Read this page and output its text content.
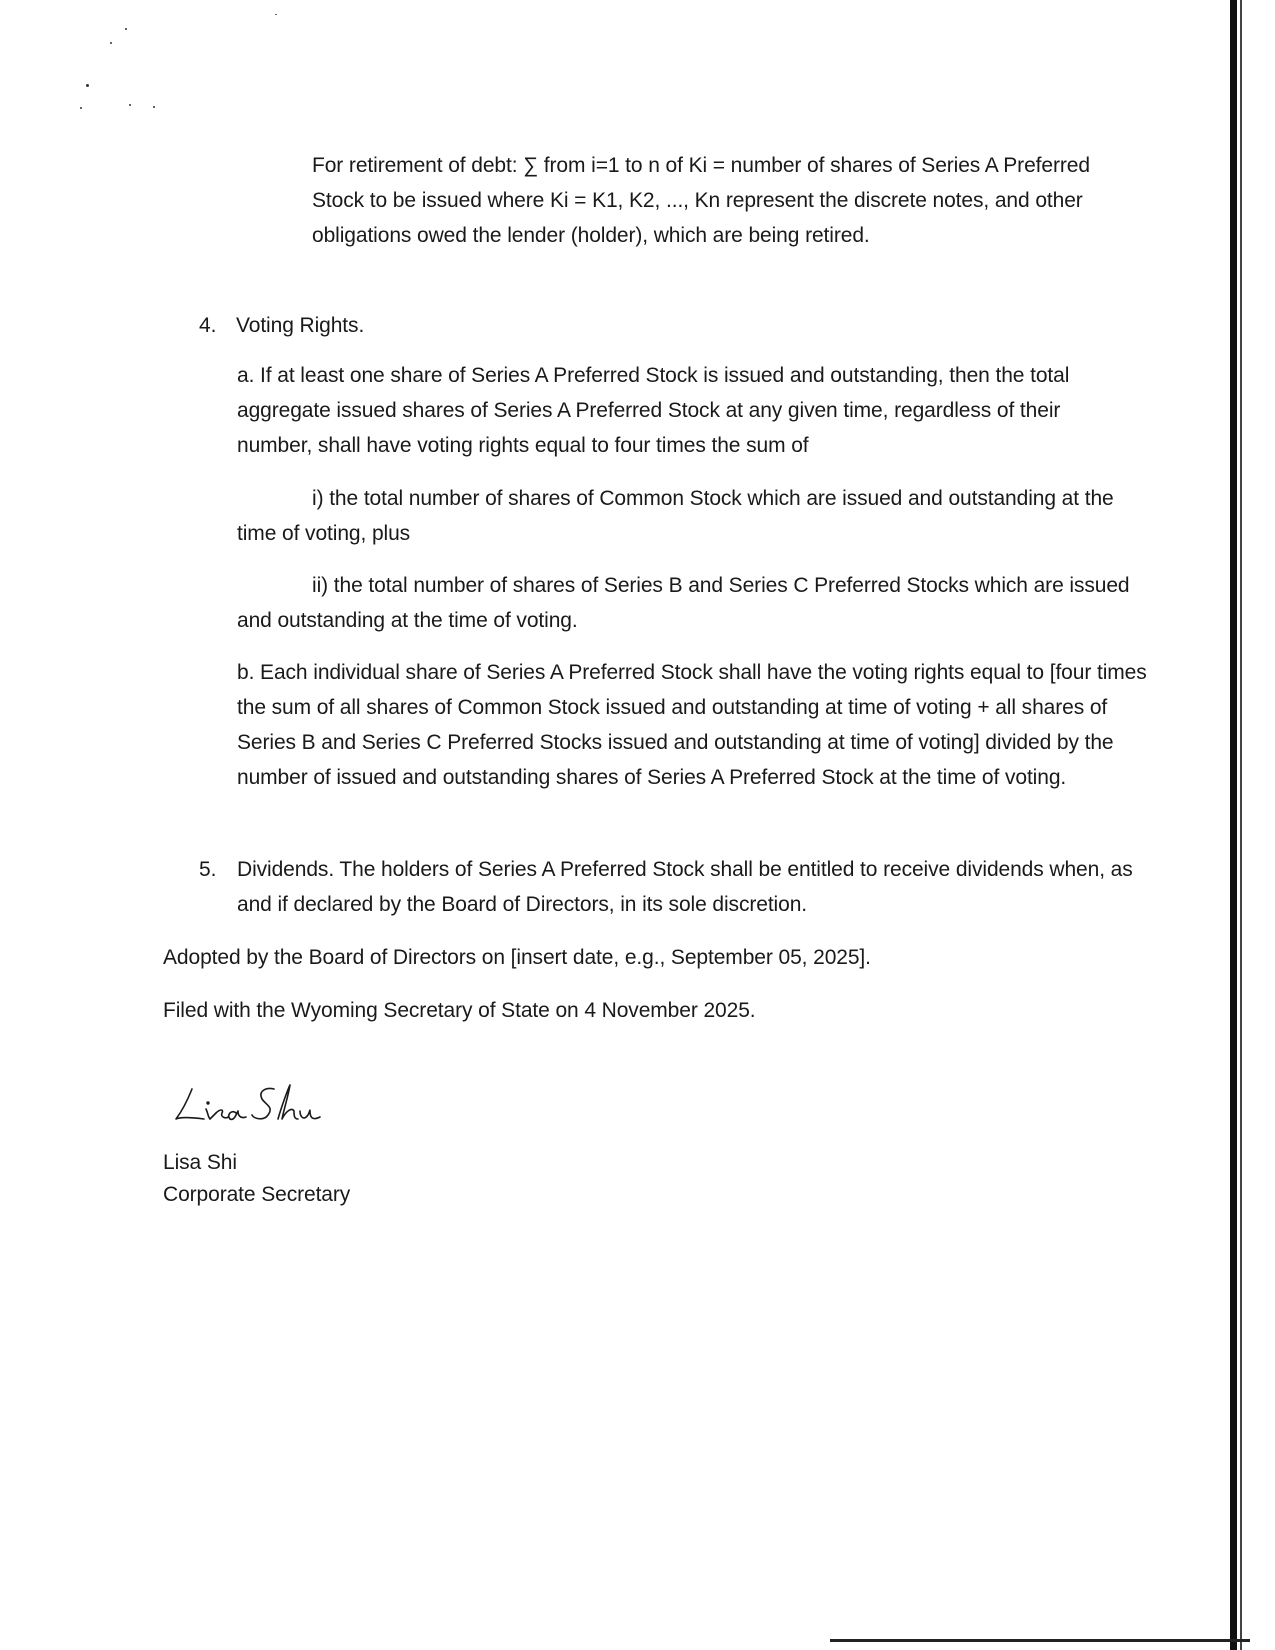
For retirement of debt: ∑ from i=1 to n of Ki = number of shares of Series A Preferred Stock to be issued where Ki = K1, K2, ..., Kn represent the discrete notes, and other obligations owed the lender (holder), which are being retired.
4. Voting Rights.
a. If at least one share of Series A Preferred Stock is issued and outstanding, then the total aggregate issued shares of Series A Preferred Stock at any given time, regardless of their number, shall have voting rights equal to four times the sum of
i) the total number of shares of Common Stock which are issued and outstanding at the time of voting, plus
ii) the total number of shares of Series B and Series C Preferred Stocks which are issued and outstanding at the time of voting.
b. Each individual share of Series A Preferred Stock shall have the voting rights equal to [four times the sum of all shares of Common Stock issued and outstanding at time of voting + all shares of Series B and Series C Preferred Stocks issued and outstanding at time of voting] divided by the number of issued and outstanding shares of Series A Preferred Stock at the time of voting.
5. Dividends. The holders of Series A Preferred Stock shall be entitled to receive dividends when, as and if declared by the Board of Directors, in its sole discretion.
Adopted by the Board of Directors on [insert date, e.g., September 05, 2025].
Filed with the Wyoming Secretary of State on 4 November 2025.
Lisa Shi
Corporate Secretary
